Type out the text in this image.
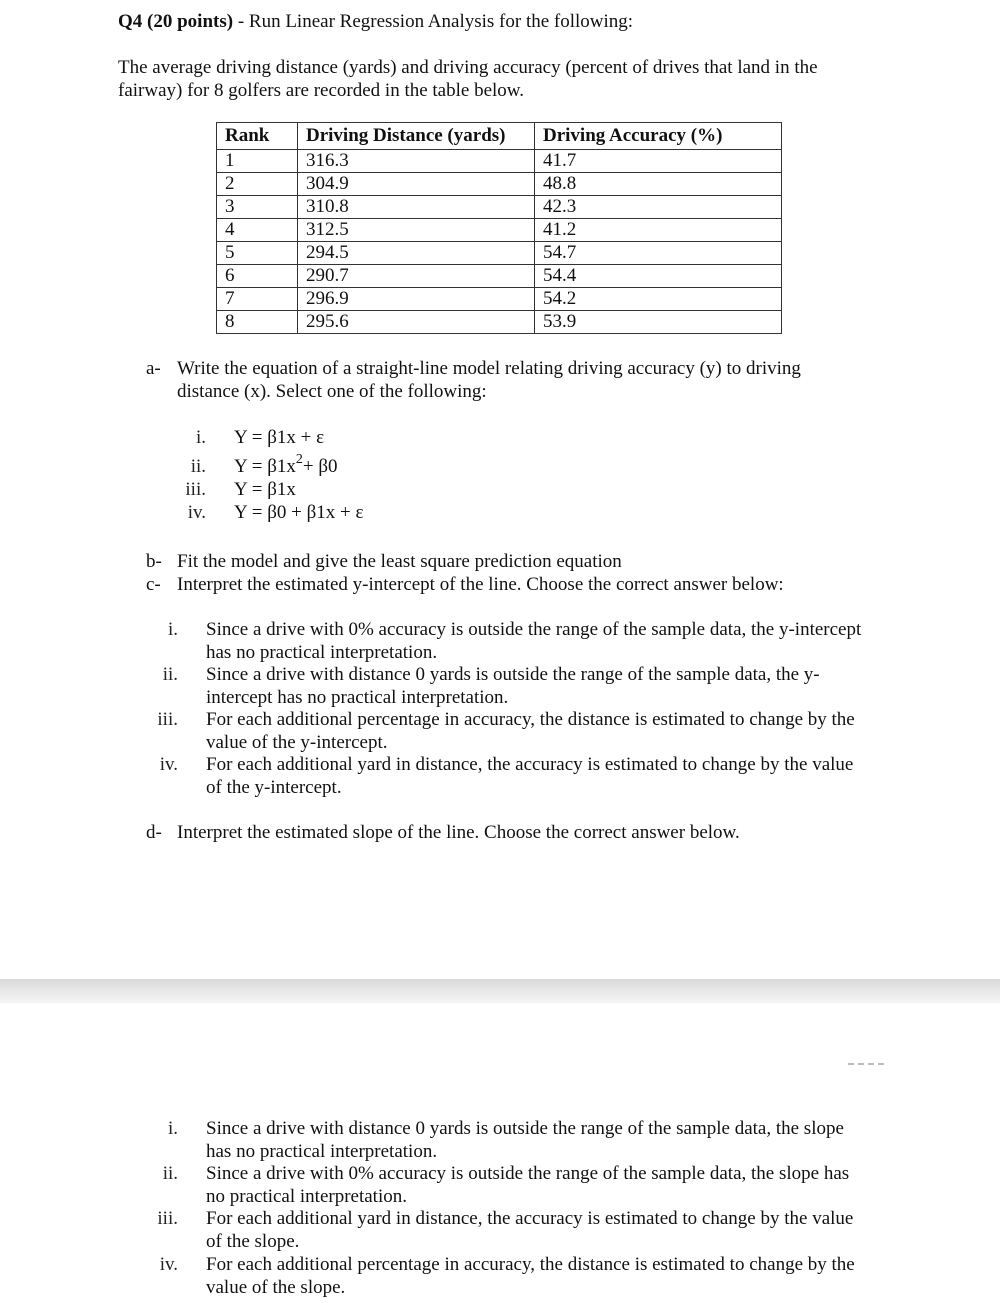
Q4 (20 points) - Run Linear Regression Analysis for the following:

The average driving distance (yards) and driving accuracy (percent of drives that land in the fairway) for 8 golfers are recorded in the table below.

Rank	Driving Distance (yards)	Driving Accuracy (%)
1	316.3	41.7
2	304.9	48.8
3	310.8	42.3
4	312.5	41.2
5	294.5	54.7
6	290.7	54.4
7	296.9	54.2
8	295.6	53.9
a- Write the equation of a straight-line model relating driving accuracy (y) to driving
distance (x). Select one of the following:
i. Y = β1x + ε
ii. $Y = \beta 1x^2+ \beta 0$
iii. Y = β1x
iv. Y = β0 + β1x + ε
b- Fit the model and give the least square prediction equation
c- Interpret the estimated y-intercept of the line. Choose the correct answer below:
i. Since a drive with 0% accuracy is outside the range of the sample data, the y-intercept
has no practical interpretation.
ii. Since a drive with distance 0 yards is outside the range of the sample data, the y-
intercept has no practical interpretation.
iii. For each additional percentage in accuracy, the distance is estimated to change by the
value of the y-intercept.
iv. For each additional yard in distance, the accuracy is estimated to change by the value
of the y-intercept.
d- Interpret the estimated slope of the line. Choose the correct answer below.
i. Since a drive with distance 0 yards is outside the range of the sample data, the slope
has no practical interpretation.
ii. Since a drive with 0% accuracy is outside the range of the sample data, the slope has
no practical interpretation.
iii. For each additional yard in distance, the accuracy is estimated to change by the value
of the slope.
iv. For each additional percentage in accuracy, the distance is estimated to change by the
value of the slope.
